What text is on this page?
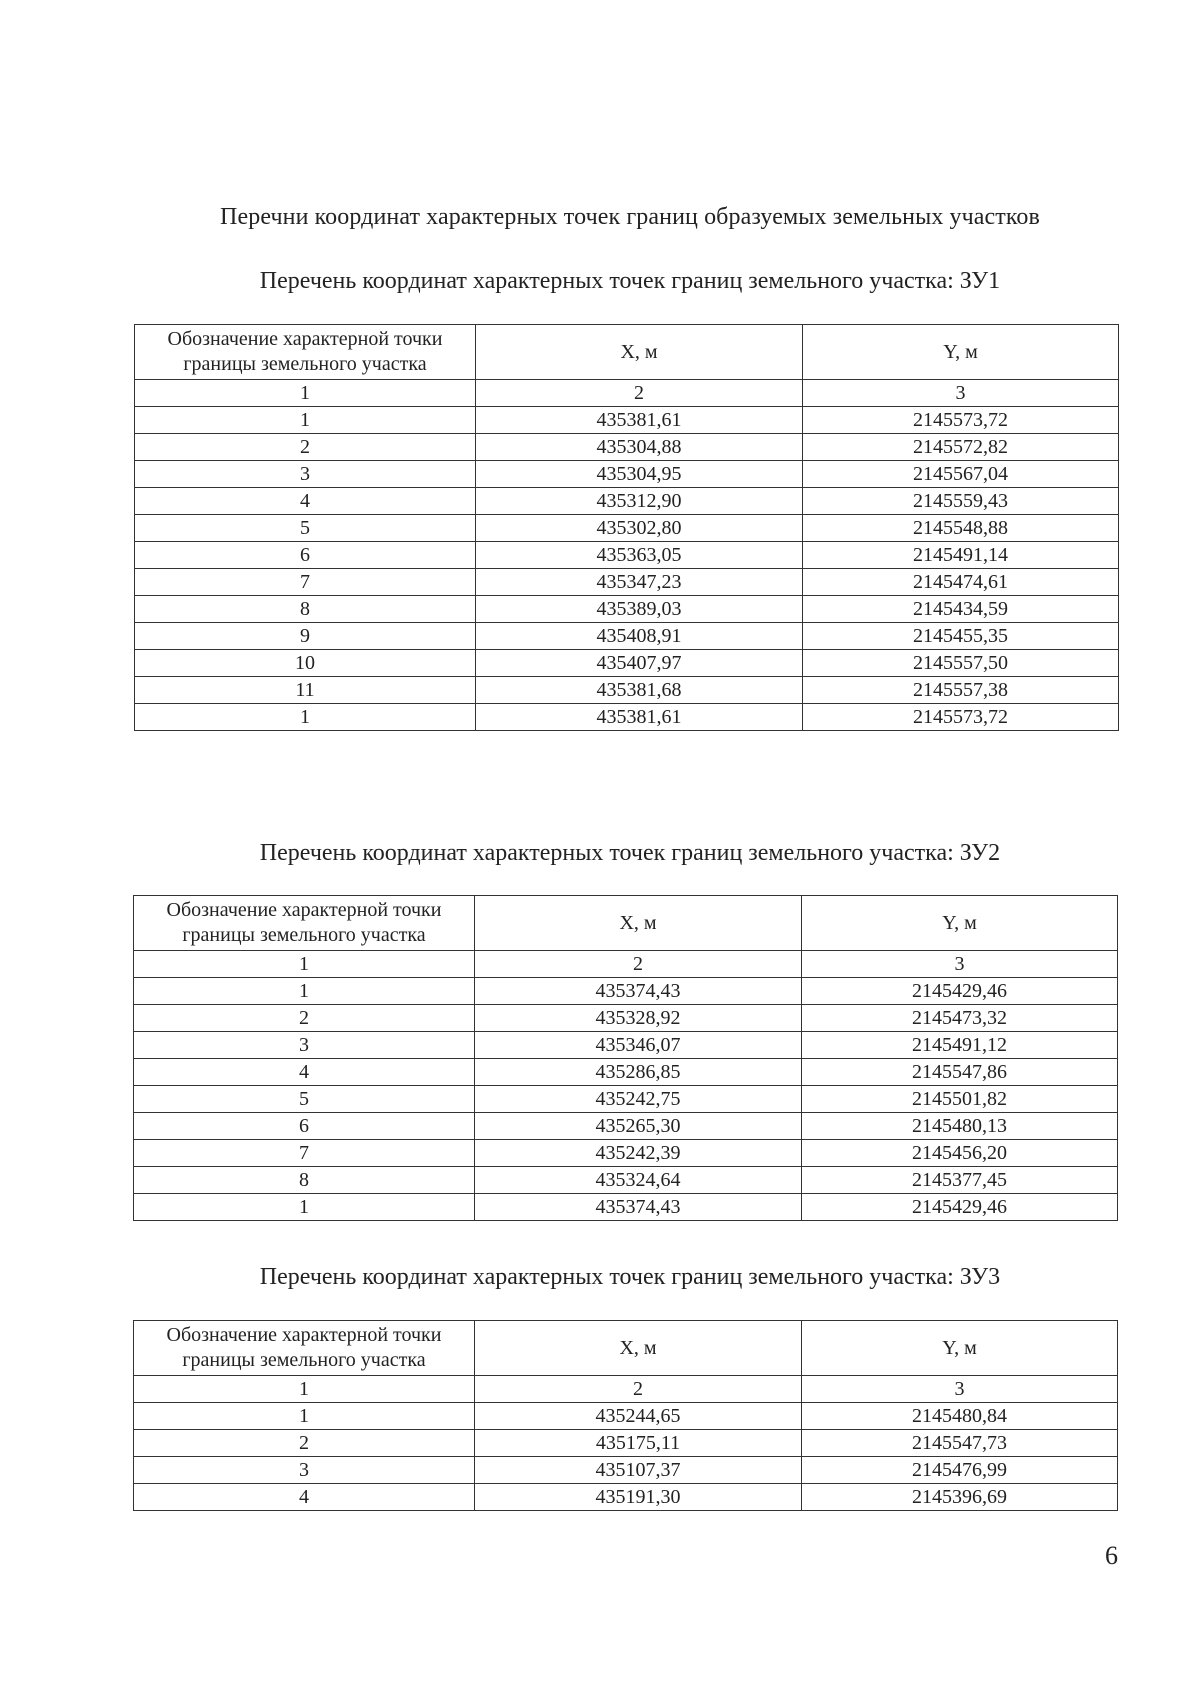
Перечни координат характерных точек границ образуемых земельных участков
Перечень координат характерных точек границ земельного участка: ЗУ1
Обозначение характерной точки границы земельного участка	X, м	Y, м
1	2	3
1	435381,61	2145573,72
2	435304,88	2145572,82
3	435304,95	2145567,04
4	435312,90	2145559,43
5	435302,80	2145548,88
6	435363,05	2145491,14
7	435347,23	2145474,61
8	435389,03	2145434,59
9	435408,91	2145455,35
10	435407,97	2145557,50
11	435381,68	2145557,38
1	435381,61	2145573,72
Перечень координат характерных точек границ земельного участка: ЗУ2
Обозначение характерной точки границы земельного участка	X, м	Y, м
1	2	3
1	435374,43	2145429,46
2	435328,92	2145473,32
3	435346,07	2145491,12
4	435286,85	2145547,86
5	435242,75	2145501,82
6	435265,30	2145480,13
7	435242,39	2145456,20
8	435324,64	2145377,45
1	435374,43	2145429,46
Перечень координат характерных точек границ земельного участка: ЗУ3
Обозначение характерной точки границы земельного участка	X, м	Y, м
1	2	3
1	435244,65	2145480,84
2	435175,11	2145547,73
3	435107,37	2145476,99
4	435191,30	2145396,69
6
